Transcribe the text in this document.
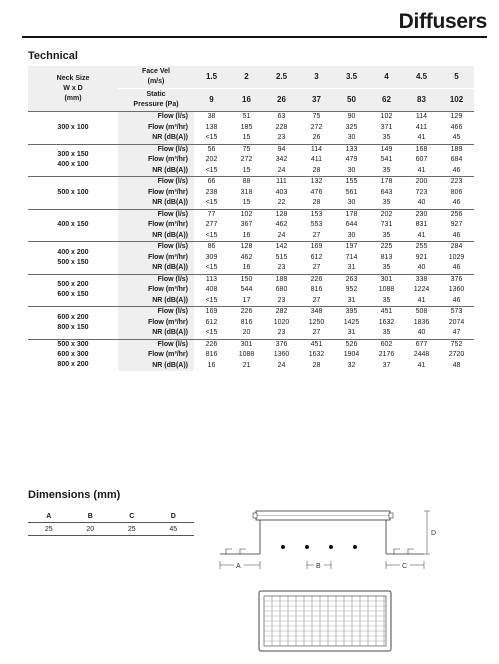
Diffusers
Technical
Neck Size
W x D
(mm)	Face Vel
(m/s)	1.5	2	2.5	3	3.5	4	4.5	5
	Static
Pressure (Pa)	9	16	26	37	50	62	83	102

300 x 100	Flow (l/s)	38	51	63	75	90	102	114	129
	Flow (m³/hr)	138	185	228	272	325	371	411	466
	NR (dB(A))	<15	15	23	26	30	35	41	45

300 x 150
400 x 100	Flow (l/s)	56	75	94	114	133	149	168	189
	Flow (m³/hr)	202	272	342	411	479	541	607	684
	NR (dB(A))	<15	15	24	28	30	35	41	46

500 x 100	Flow (l/s)	66	88	111	132	155	178	200	223
	Flow (m³/hr)	238	318	403	476	561	643	723	806
	NR (dB(A))	<15	15	22	28	30	35	40	46

400 x 150	Flow (l/s)	77	102	128	153	178	202	230	256
	Flow (m³/hr)	277	367	462	553	644	731	831	927
	NR (dB(A))	<15	16	24	27	30	35	41	46

400 x 200
500 x 150	Flow (l/s)	86	128	142	169	197	225	255	284
	Flow (m³/hr)	309	462	515	612	714	813	921	1029
	NR (dB(A))	<15	16	23	27	31	35	40	46

500 x 200
600 x 150	Flow (l/s)	113	150	188	226	263	301	338	376
	Flow (m³/hr)	408	544	680	816	952	1088	1224	1360
	NR (dB(A))	<15	17	23	27	31	35	41	46

600 x 200
800 x 150	Flow (l/s)	169	226	282	348	395	451	508	573
	Flow (m³/hr)	612	816	1020	1250	1425	1632	1836	2074
	NR (dB(A))	<15	20	23	27	31	35	40	47

500 x 300
600 x 300
800 x 200	Flow (l/s)	226	301	376	451	526	602	677	752
	Flow (m³/hr)	816	1088	1360	1632	1904	2176	2448	2720
	NR (dB(A))	16	21	24	28	32	37	41	48
Dimensions (mm)
A	B	C	D
25	20	25	45
D
A	B	C
